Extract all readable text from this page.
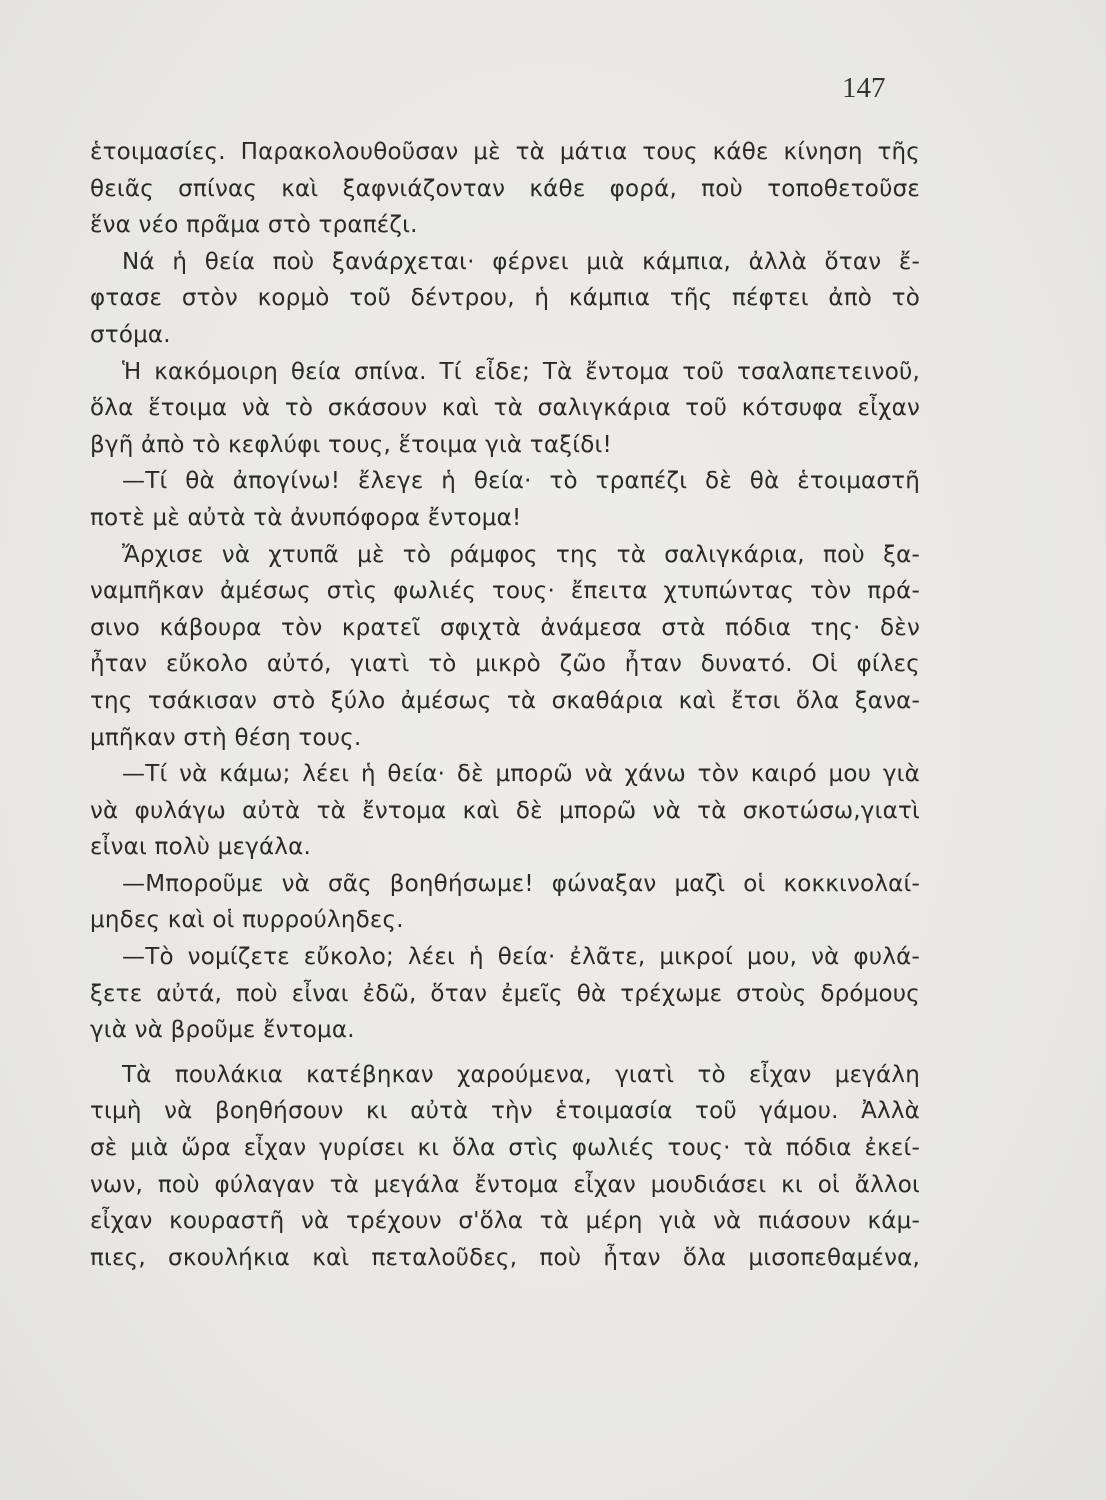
147
ἑτοιμασίες. Παρακολουθοῦσαν μὲ τὰ μάτια τους κάθε κίνηση τῆς
θειᾶς σπίνας καὶ ξαφνιάζονταν κάθε φορά, ποὺ τοποθετοῦσε
ἕνα νέο πρᾶμα στὸ τραπέζι.
Νά ἡ θεία ποὺ ξανάρχεται· φέρνει μιὰ κάμπια, ἀλλὰ ὅταν ἔ-
φτασε στὸν κορμὸ τοῦ δέντρου, ἡ κάμπια τῆς πέφτει ἀπὸ τὸ
στόμα.
Ἡ κακόμοιρη θεία σπίνα. Τί εἶδε; Τὰ ἔντομα τοῦ τσαλαπετεινοῦ,
ὅλα ἕτοιμα νὰ τὸ σκάσουν καὶ τὰ σαλιγκάρια τοῦ κότσυφα εἶχαν
βγῆ ἀπὸ τὸ κεφλύφι τους, ἕτοιμα γιὰ ταξίδι!
—Τί θὰ ἀπογίνω! ἔλεγε ἡ θεία· τὸ τραπέζι δὲ θὰ ἑτοιμαστῆ
ποτὲ μὲ αὐτὰ τὰ ἀνυπόφορα ἔντομα!
Ἄρχισε νὰ χτυπᾶ μὲ τὸ ράμφος της τὰ σαλιγκάρια, ποὺ ξα-
ναμπῆκαν ἀμέσως στὶς φωλιές τους· ἔπειτα χτυπώντας τὸν πρά-
σινο κάβουρα τὸν κρατεῖ σφιχτὰ ἀνάμεσα στὰ πόδια της· δὲν
ἦταν εὔκολο αὐτό, γιατὶ τὸ μικρὸ ζῶο ἦταν δυνατό. Οἱ φίλες
της τσάκισαν στὸ ξύλο ἀμέσως τὰ σκαθάρια καὶ ἔτσι ὅλα ξανα-
μπῆκαν στὴ θέση τους.
—Τί νὰ κάμω; λέει ἡ θεία· δὲ μπορῶ νὰ χάνω τὸν καιρό μου γιὰ
νὰ φυλάγω αὐτὰ τὰ ἔντομα καὶ δὲ μπορῶ νὰ τὰ σκοτώσω,γιατὶ
εἶναι πολὺ μεγάλα.
—Μποροῦμε νὰ σᾶς βοηθήσωμε! φώναξαν μαζὶ οἱ κοκκινολαί-
μηδες καὶ οἱ πυρρούληδες.
—Τὸ νομίζετε εὔκολο; λέει ἡ θεία· ἐλᾶτε, μικροί μου, νὰ φυλά-
ξετε αὐτά, ποὺ εἶναι ἐδῶ, ὅταν ἐμεῖς θὰ τρέχωμε στοὺς δρόμους
γιὰ νὰ βροῦμε ἔντομα.
Τὰ πουλάκια κατέβηκαν χαρούμενα, γιατὶ τὸ εἶχαν μεγάλη
τιμὴ νὰ βοηθήσουν κι αὐτὰ τὴν ἑτοιμασία τοῦ γάμου. Ἀλλὰ
σὲ μιὰ ὥρα εἶχαν γυρίσει κι ὅλα στὶς φωλιές τους· τὰ πόδια ἐκεί-
νων, ποὺ φύλαγαν τὰ μεγάλα ἔντομα εἶχαν μουδιάσει κι οἱ ἄλλοι
εἶχαν κουραστῆ νὰ τρέχουν σ'ὅλα τὰ μέρη γιὰ νὰ πιάσουν κάμ-
πιες, σκουλήκια καὶ πεταλοῦδες, ποὺ ἦταν ὅλα μισοπεθαμένα,
